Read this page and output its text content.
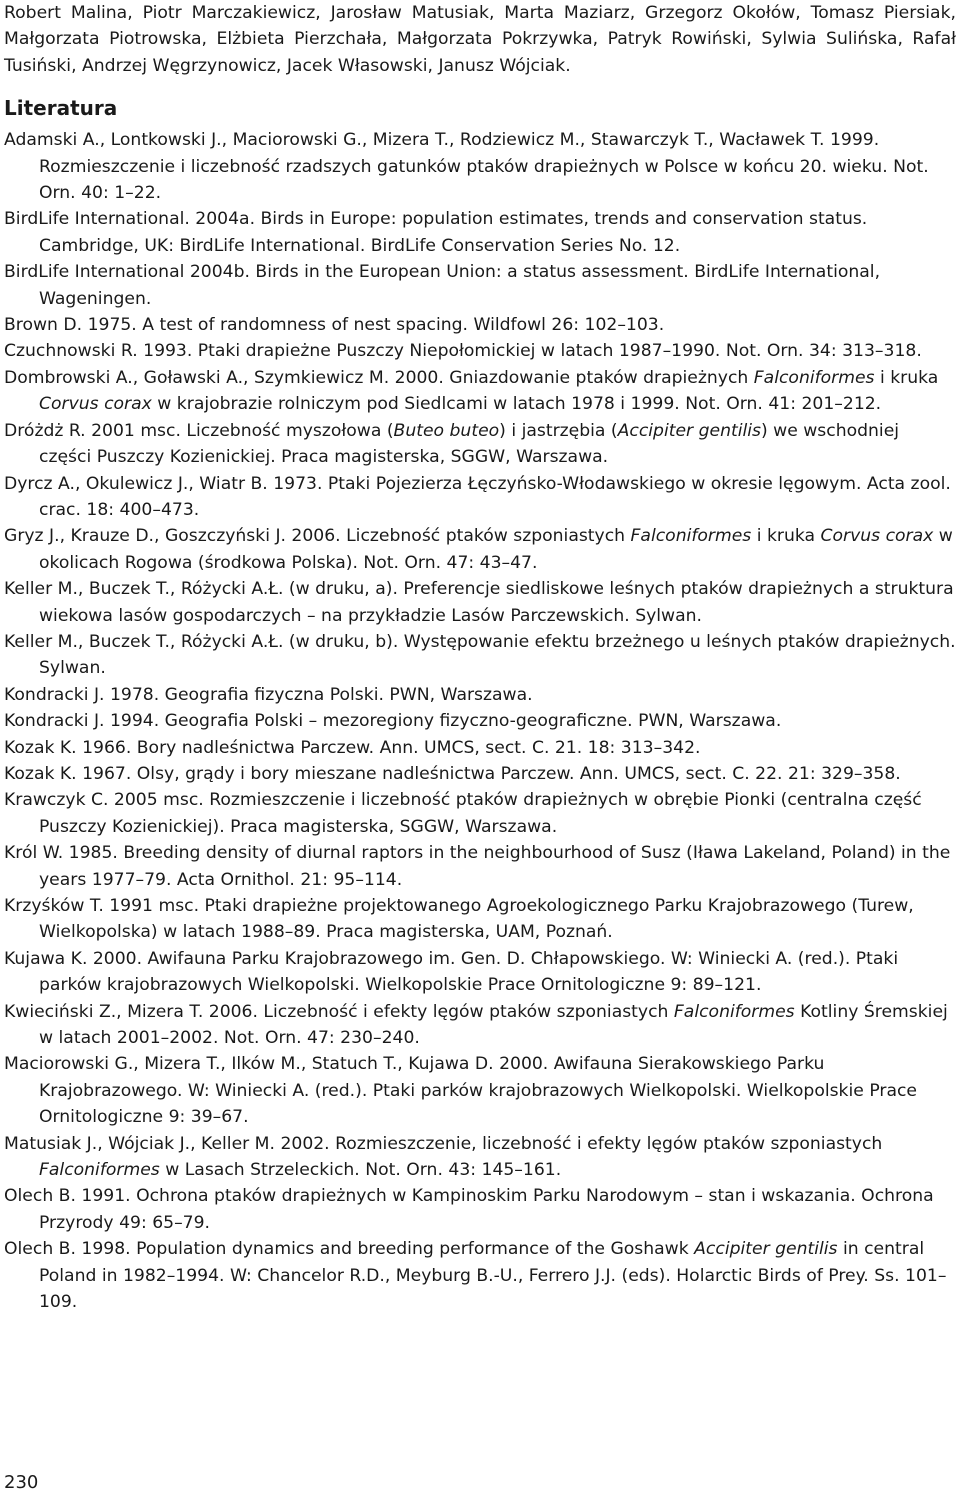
Robert Malina, Piotr Marczakiewicz, Jarosław Matusiak, Marta Maziarz, Grzegorz Okołów, Tomasz Piersiak, Małgorzata Piotrowska, Elżbieta Pierzchała, Małgorzata Pokrzywka, Patryk Rowiński, Sylwia Sulińska, Rafał Tusiński, Andrzej Węgrzynowicz, Jacek Własowski, Janusz Wójciak.

Literatura
Adamski A., Lontkowski J., Maciorowski G., Mizera T., Rodziewicz M., Stawarczyk T., Wacławek T. 1999. Rozmieszczenie i liczebność rzadszych gatunków ptaków drapieżnych w Polsce w końcu 20. wieku. Not. Orn. 40: 1–22.
BirdLife International. 2004a. Birds in Europe: population estimates, trends and conservation status. Cambridge, UK: BirdLife International. BirdLife Conservation Series No. 12.
BirdLife International 2004b. Birds in the European Union: a status assessment. BirdLife International, Wageningen.
Brown D. 1975. A test of randomness of nest spacing. Wildfowl 26: 102–103.
Czuchnowski R. 1993. Ptaki drapieżne Puszczy Niepołomickiej w latach 1987–1990. Not. Orn. 34: 313–318.
Dombrowski A., Goławski A., Szymkiewicz M. 2000. Gniazdowanie ptaków drapieżnych Falconiformes i kruka Corvus corax w krajobrazie rolniczym pod Siedlcami w latach 1978 i 1999. Not. Orn. 41: 201–212.
Dróżdż R. 2001 msc. Liczebność myszołowa (Buteo buteo) i jastrzębia (Accipiter gentilis) we wschodniej części Puszczy Kozienickiej. Praca magisterska, SGGW, Warszawa.
Dyrcz A., Okulewicz J., Wiatr B. 1973. Ptaki Pojezierza Łęczyńsko-Włodawskiego w okresie lęgowym. Acta zool. crac. 18: 400–473.
Gryz J., Krauze D., Goszczyński J. 2006. Liczebność ptaków szponiastych Falconiformes i kruka Corvus corax w okolicach Rogowa (środkowa Polska). Not. Orn. 47: 43–47.
Keller M., Buczek T., Różycki A.Ł. (w druku, a). Preferencje siedliskowe leśnych ptaków drapieżnych a struktura wiekowa lasów gospodarczych – na przykładzie Lasów Parczewskich. Sylwan.
Keller M., Buczek T., Różycki A.Ł. (w druku, b). Występowanie efektu brzeżnego u leśnych ptaków drapieżnych. Sylwan.
Kondracki J. 1978. Geografia fizyczna Polski. PWN, Warszawa.
Kondracki J. 1994. Geografia Polski – mezoregiony fizyczno-geograficzne. PWN, Warszawa.
Kozak K. 1966. Bory nadleśnictwa Parczew. Ann. UMCS, sect. C. 21. 18: 313–342.
Kozak K. 1967. Olsy, grądy i bory mieszane nadleśnictwa Parczew. Ann. UMCS, sect. C. 22. 21: 329–358.
Krawczyk C. 2005 msc. Rozmieszczenie i liczebność ptaków drapieżnych w obrębie Pionki (centralna część Puszczy Kozienickiej). Praca magisterska, SGGW, Warszawa.
Król W. 1985. Breeding density of diurnal raptors in the neighbourhood of Susz (Iława Lakeland, Poland) in the years 1977–79. Acta Ornithol. 21: 95–114.
Krzyśków T. 1991 msc. Ptaki drapieżne projektowanego Agroekologicznego Parku Krajobrazowego (Turew, Wielkopolska) w latach 1988–89. Praca magisterska, UAM, Poznań.
Kujawa K. 2000. Awifauna Parku Krajobrazowego im. Gen. D. Chłapowskiego. W: Winiecki A. (red.). Ptaki parków krajobrazowych Wielkopolski. Wielkopolskie Prace Ornitologiczne 9: 89–121.
Kwieciński Z., Mizera T. 2006. Liczebność i efekty lęgów ptaków szponiastych Falconiformes Kotliny Śremskiej w latach 2001–2002. Not. Orn. 47: 230–240.
Maciorowski G., Mizera T., Ilków M., Statuch T., Kujawa D. 2000. Awifauna Sierakowskiego Parku Krajobrazowego. W: Winiecki A. (red.). Ptaki parków krajobrazowych Wielkopolski. Wielkopolskie Prace Ornitologiczne 9: 39–67.
Matusiak J., Wójciak J., Keller M. 2002. Rozmieszczenie, liczebność i efekty lęgów ptaków szponiastych Falconiformes w Lasach Strzeleckich. Not. Orn. 43: 145–161.
Olech B. 1991. Ochrona ptaków drapieżnych w Kampinoskim Parku Narodowym – stan i wskazania. Ochrona Przyrody 49: 65–79.
Olech B. 1998. Population dynamics and breeding performance of the Goshawk Accipiter gentilis in central Poland in 1982–1994. W: Chancelor R.D., Meyburg B.-U., Ferrero J.J. (eds). Holarctic Birds of Prey. Ss. 101–109.
230
